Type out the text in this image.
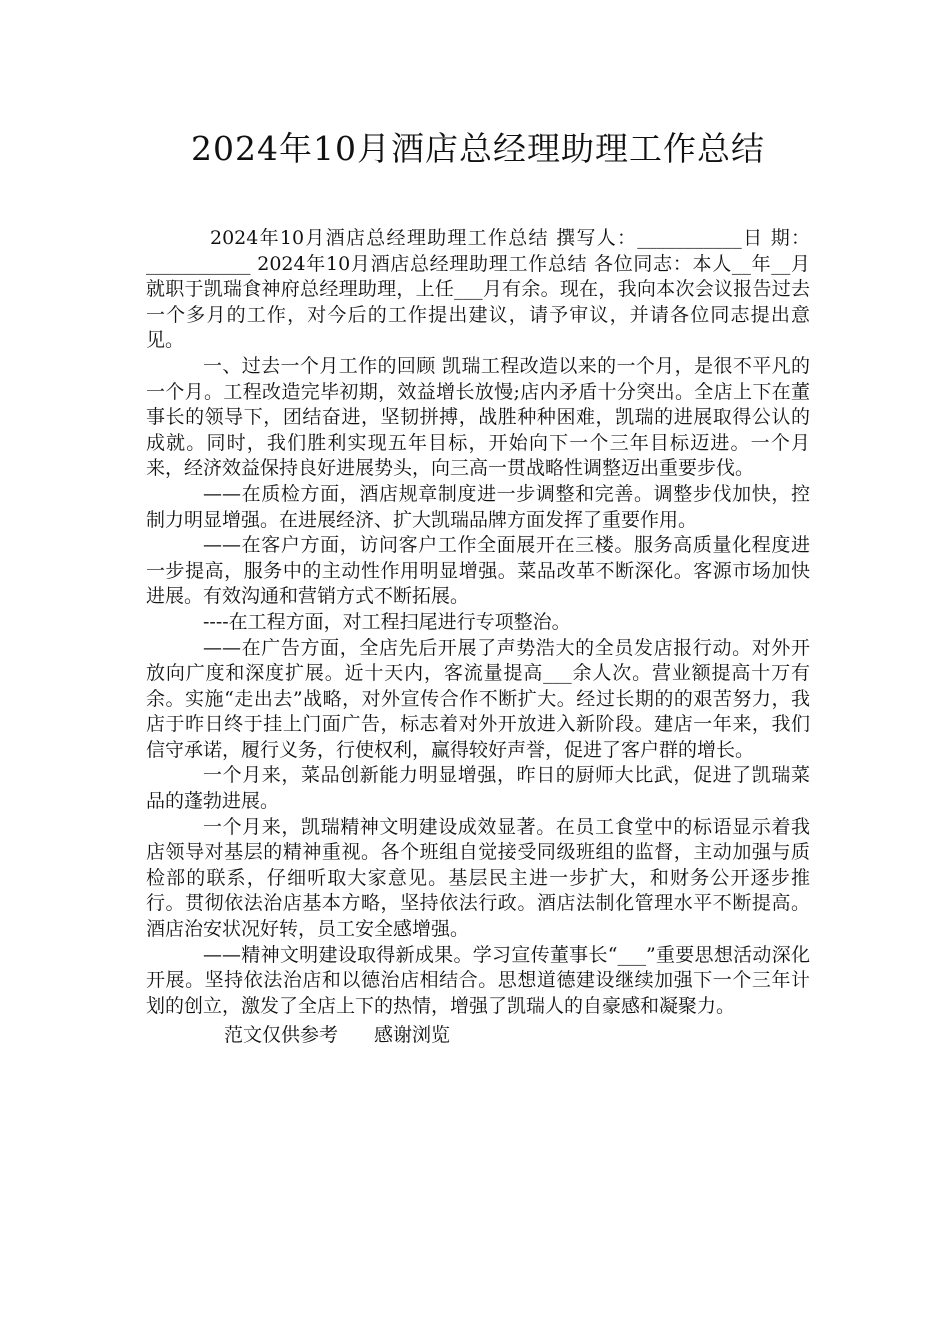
2024年10月酒店总经理助理工作总结

2024年10月酒店总经理助理工作总结 撰写人：___________日 期：___________ 2024年10月酒店总经理助理工作总结 各位同志：本人__年__月就职于凯瑞食神府总经理助理，上任___月有余。现在，我向本次会议报告过去一个多月的工作，对今后的工作提出建议，请予审议，并请各位同志提出意见。

一、过去一个月工作的回顾 凯瑞工程改造以来的一个月，是很不平凡的一个月。工程改造完毕初期，效益增长放慢;店内矛盾十分突出。全店上下在董事长的领导下，团结奋进，坚韧拼搏，战胜种种困难，凯瑞的进展取得公认的成就。同时，我们胜利实现五年目标，开始向下一个三年目标迈进。一个月来，经济效益保持良好进展势头，向三高一贯战略性调整迈出重要步伐。

——在质检方面，酒店规章制度进一步调整和完善。调整步伐加快，控制力明显增强。在进展经济、扩大凯瑞品牌方面发挥了重要作用。

——在客户方面，访问客户工作全面展开在三楼。服务高质量化程度进一步提高，服务中的主动性作用明显增强。菜品改革不断深化。客源市场加快进展。有效沟通和营销方式不断拓展。

----在工程方面，对工程扫尾进行专项整治。

——在广告方面，全店先后开展了声势浩大的全员发店报行动。对外开放向广度和深度扩展。近十天内，客流量提高___余人次。营业额提高十万有余。实施“走出去”战略，对外宣传合作不断扩大。经过长期的的艰苦努力，我店于昨日终于挂上门面广告，标志着对外开放进入新阶段。建店一年来，我们信守承诺，履行义务，行使权利，赢得较好声誉，促进了客户群的增长。

一个月来，菜品创新能力明显增强，昨日的厨师大比武，促进了凯瑞菜品的蓬勃进展。

一个月来，凯瑞精神文明建设成效显著。在员工食堂中的标语显示着我店领导对基层的精神重视。各个班组自觉接受同级班组的监督，主动加强与质检部的联系，仔细听取大家意见。基层民主进一步扩大，和财务公开逐步推行。贯彻依法治店基本方略，坚持依法行政。酒店法制化管理水平不断提高。酒店治安状况好转，员工安全感增强。

——精神文明建设取得新成果。学习宣传董事长“___”重要思想活动深化开展。坚持依法治店和以德治店相结合。思想道德建设继续加强下一个三年计划的创立，激发了全店上下的热情，增强了凯瑞人的自豪感和凝聚力。

范文仅供参考 感谢浏览
